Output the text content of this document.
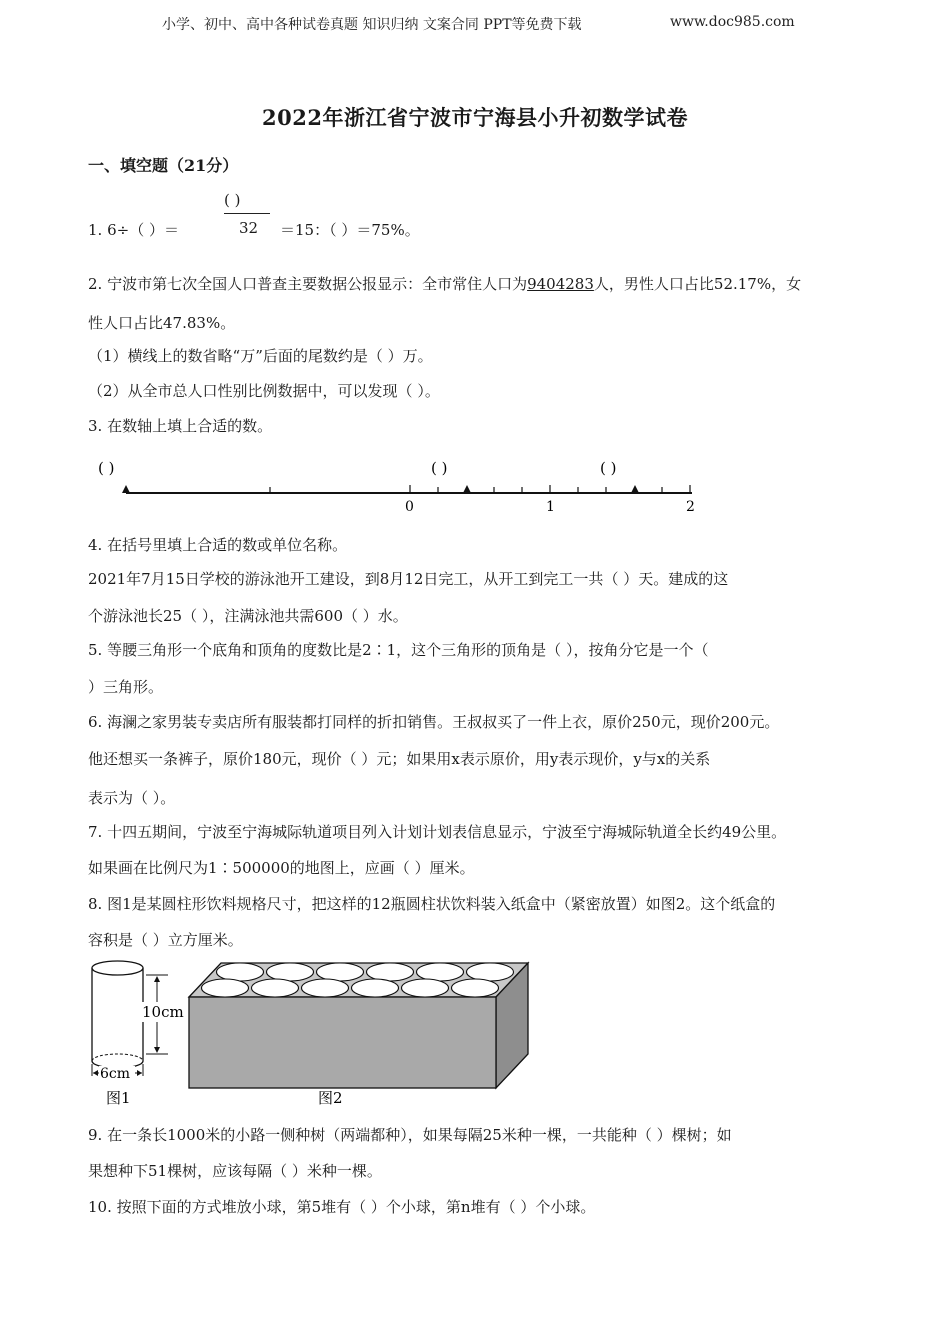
小学、初中、高中各种试卷真题 知识归纳 文案合同 PPT等免费下载	www.doc985.com
2022年浙江省宁波市宁海县小升初数学试卷
一、填空题（21分）
1. 6÷（ ）＝
( )
32 ＝15：（ ）＝75%。
2. 宁波市第七次全国人口普查主要数据公报显示：全市常住人口为9404283人，男性人口占比52.17%，女
性人口占比47.83%。
（1）横线上的数省略“万”后面的尾数约是（ ）万。
（2）从全市总人口性别比例数据中，可以发现（ ）。
3. 在数轴上填上合适的数。
( )	( )	( )
0	1	2
4. 在括号里填上合适的数或单位名称。
2021年7月15日学校的游泳池开工建设，到8月12日完工，从开工到完工一共（ ）天。建成的这
个游泳池长25（ ），注满泳池共需600（ ）水。
5. 等腰三角形一个底角和顶角的度数比是2∶1，这个三角形的顶角是（ ），按角分它是一个（
）三角形。
6. 海澜之家男装专卖店所有服装都打同样的折扣销售。王叔叔买了一件上衣，原价250元，现价200元。
他还想买一条裤子，原价180元，现价（ ）元；如果用x表示原价，用y表示现价，y与x的关系
表示为（ ）。
7. 十四五期间，宁波至宁海城际轨道项目列入计划计划表信息显示，宁波至宁海城际轨道全长约49公里。
如果画在比例尺为1∶500000的地图上，应画（ ）厘米。
8. 图1是某圆柱形饮料规格尺寸，把这样的12瓶圆柱状饮料装入纸盒中（紧密放置）如图2。这个纸盒的
容积是（ ）立方厘米。
10cm
6cm
图1	图2
9. 在一条长1000米的小路一侧种树（两端都种），如果每隔25米种一棵，一共能种（ ）棵树；如
果想种下51棵树，应该每隔（ ）米种一棵。
10. 按照下面的方式堆放小球，第5堆有（ ）个小球，第n堆有（ ）个小球。
